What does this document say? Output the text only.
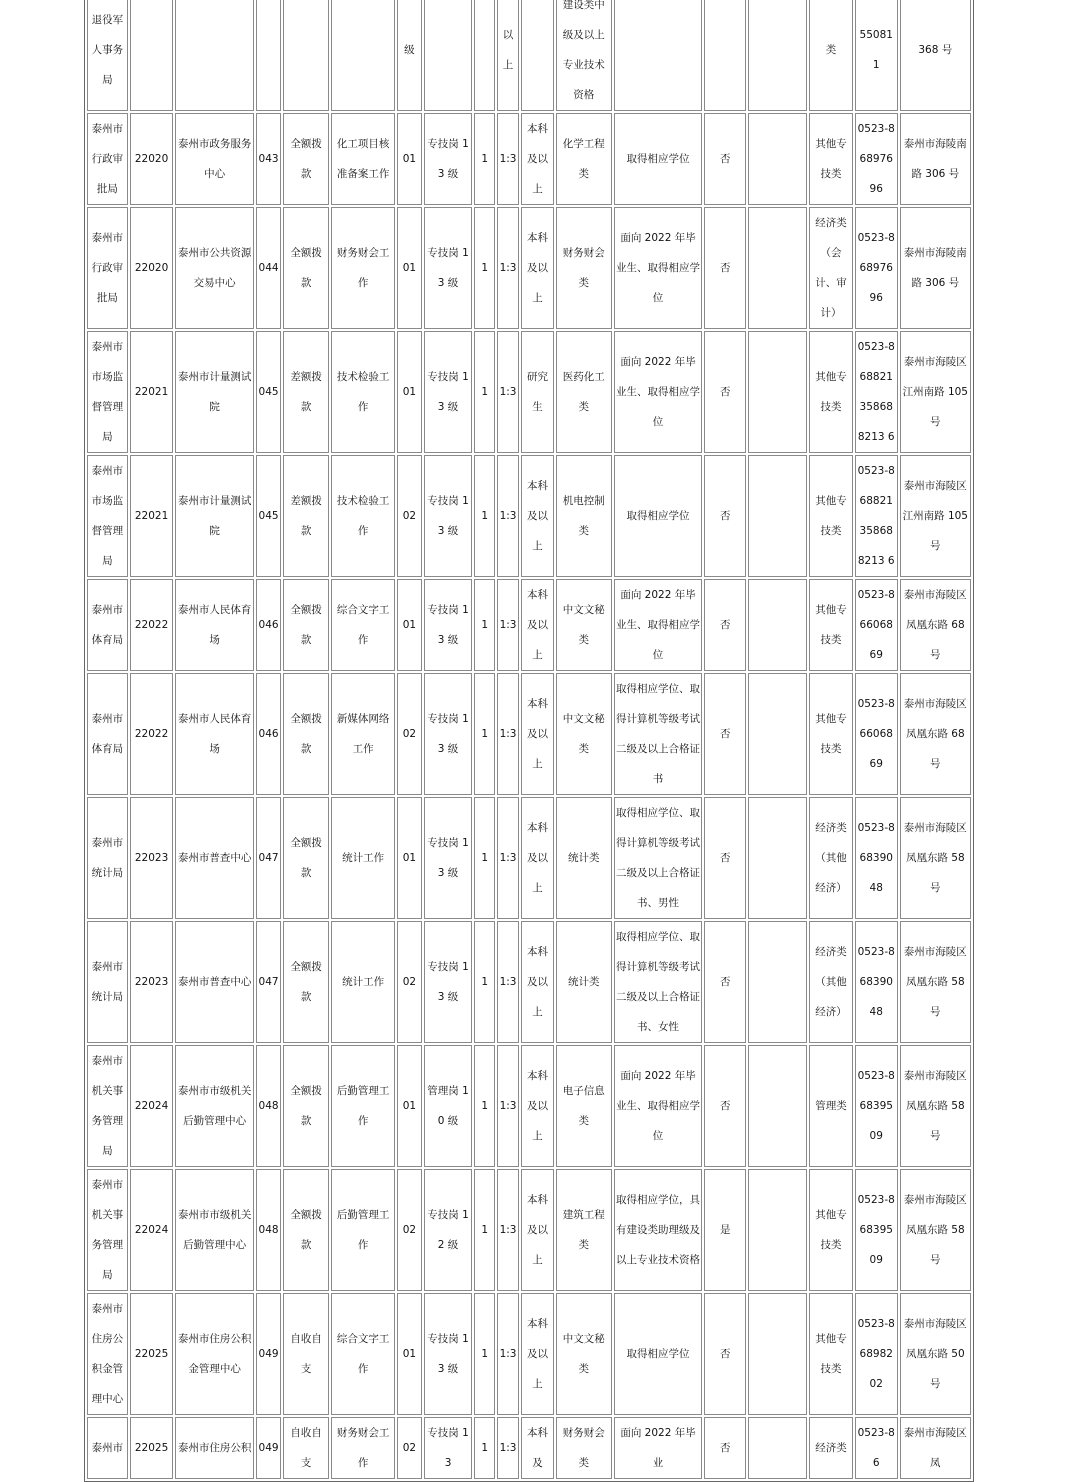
退役军人事务局						级			以上		建设类中级及以上专业技术资格				类	550811	368 号
泰州市行政审批局	22020	泰州市政务服务中心	043	全额拨款	化工项目核准备案工作	01	专技岗 13 级	1	1:3	本科及以上	化学工程类	取得相应学位	否		其他专技类	0523-86897696	泰州市海陵南路 306 号
泰州市行政审批局	22020	泰州市公共资源交易中心	044	全额拨款	财务财会工作	01	专技岗 13 级	1	1:3	本科及以上	财务财会类	面向 2022 年毕业生、取得相应学位	否		经济类（会计、审计）	0523-86897696	泰州市海陵南路 306 号
泰州市市场监督管理局	22021	泰州市计量测试院	045	差额拨款	技术检验工作	01	专技岗 13 级	1	1:3	研究生	医药化工类	面向 2022 年毕业生、取得相应学位	否		其他专技类	0523-868821358688213 6	泰州市海陵区江州南路 105 号
泰州市市场监督管理局	22021	泰州市计量测试院	045	差额拨款	技术检验工作	02	专技岗 13 级	1	1:3	本科及以上	机电控制类	取得相应学位	否		其他专技类	0523-868821358688213 6	泰州市海陵区江州南路 105 号
泰州市体育局	22022	泰州市人民体育场	046	全额拨款	综合文字工作	01	专技岗 13 级	1	1:3	本科及以上	中文文秘类	面向 2022 年毕业生、取得相应学位	否		其他专技类	0523-86606869	泰州市海陵区凤凰东路 68 号
泰州市体育局	22022	泰州市人民体育场	046	全额拨款	新媒体网络工作	02	专技岗 13 级	1	1:3	本科及以上	中文文秘类	取得相应学位、取得计算机等级考试二级及以上合格证书	否		其他专技类	0523-86606869	泰州市海陵区凤凰东路 68 号
泰州市统计局	22023	泰州市普查中心	047	全额拨款	统计工作	01	专技岗 13 级	1	1:3	本科及以上	统计类	取得相应学位、取得计算机等级考试二级及以上合格证书、男性	否		经济类（其他经济）	0523-86839048	泰州市海陵区凤凰东路 58 号
泰州市统计局	22023	泰州市普查中心	047	全额拨款	统计工作	02	专技岗 13 级	1	1:3	本科及以上	统计类	取得相应学位、取得计算机等级考试二级及以上合格证书、女性	否		经济类（其他经济）	0523-86839048	泰州市海陵区凤凰东路 58 号
泰州市机关事务管理局	22024	泰州市市级机关后勤管理中心	048	全额拨款	后勤管理工作	01	管理岗 10 级	1	1:3	本科及以上	电子信息类	面向 2022 年毕业生、取得相应学位	否		管理类	0523-86839509	泰州市海陵区凤凰东路 58 号
泰州市机关事务管理局	22024	泰州市市级机关后勤管理中心	048	全额拨款	后勤管理工作	02	专技岗 12 级	1	1:3	本科及以上	建筑工程类	取得相应学位，具有建设类助理级及以上专业技术资格	是		其他专技类	0523-86839509	泰州市海陵区凤凰东路 58 号
泰州市住房公积金管理中心	22025	泰州市住房公积金管理中心	049	自收自支	综合文字工作	01	专技岗 13 级	1	1:3	本科及以上	中文文秘类	取得相应学位	否		其他专技类	0523-86898202	泰州市海陵区凤凰东路 50 号
泰州市	22025	泰州市住房公积	049	自收自支	财务财会工作	02	专技岗 13	1	1:3	本科及	财务财会类	面向 2022 年毕业	否		经济类	0523-86	泰州市海陵区凤
